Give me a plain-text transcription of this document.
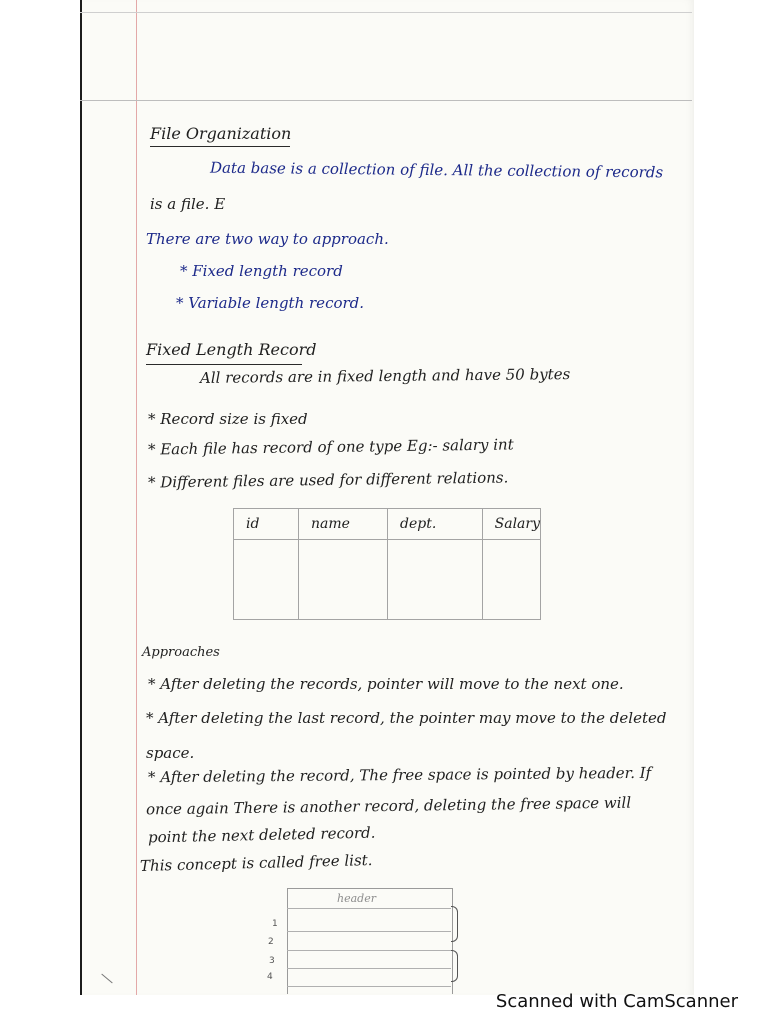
File Organization
Data base is a collection of file. All the collection of records
is a file. E
There are two way to approach.
* Fixed length record
* Variable length record.
Fixed Length Record
All records are in fixed length and have 50 bytes
* Record size is fixed
* Each file has record of one type Eg:- salary int
* Different files are used for different relations.
id	name	dept.	Salary

Approaches
* After deleting the records, pointer will move to the next one.
* After deleting the last record, the pointer may move to the deleted
space.
* After deleting the record, The free space is pointed by header. If
once again There is another record, deleting the free space will
point the next deleted record.
This concept is called free list.
header
1
2
3
4
Scanned with CamScanner
